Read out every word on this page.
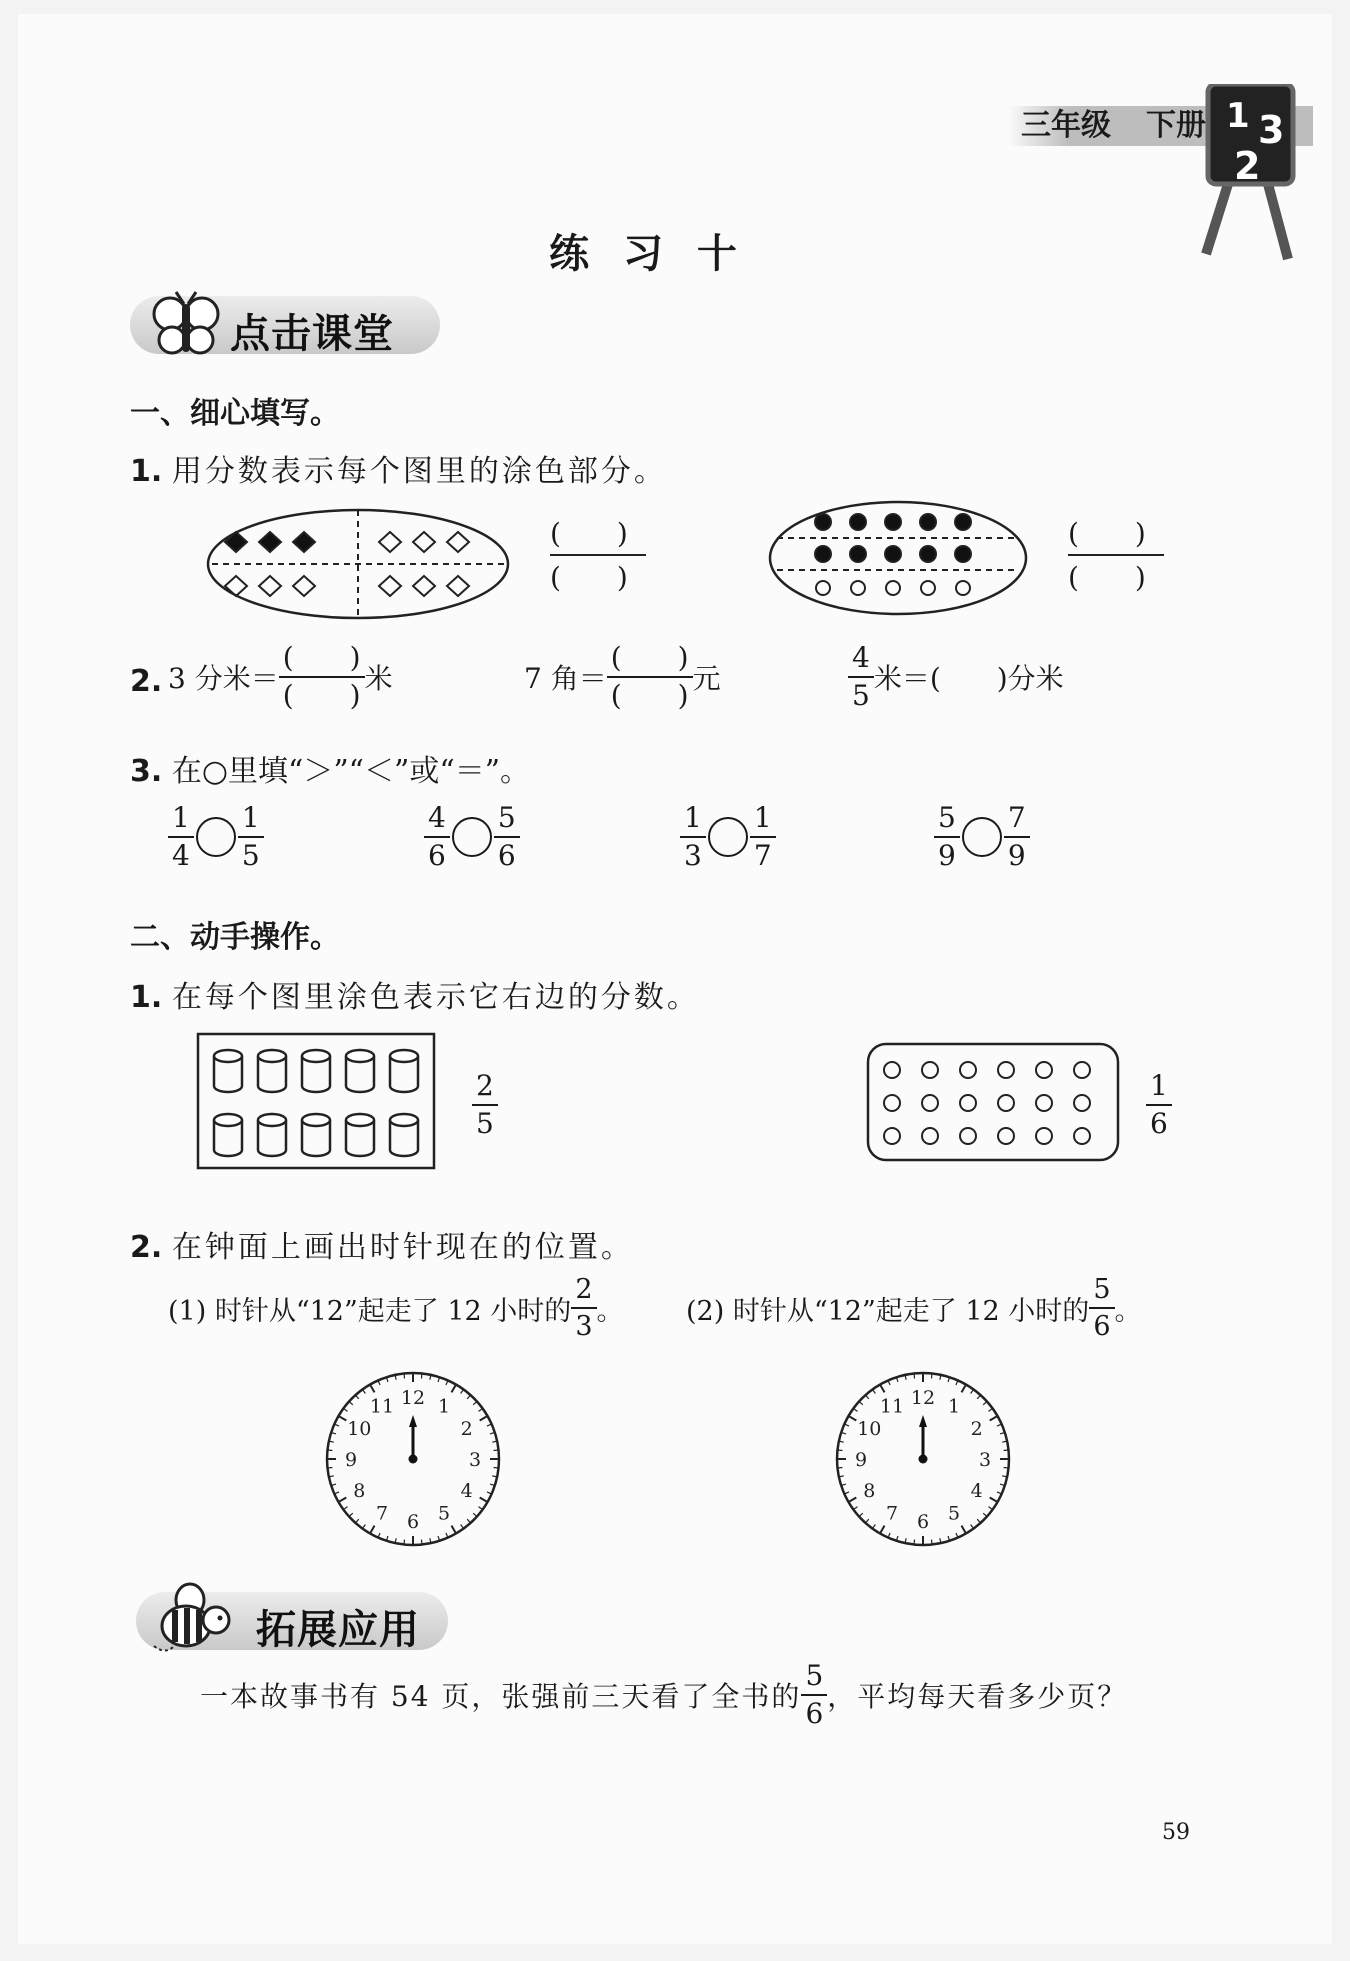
三年级 下册 1 3
2
练 习 十
点击课堂
一、细心填写。
1. 用分数表示每个图里的涂色部分。
(　　)
(　　)
(　　)
(　　)
2. 3 分米＝ $\frac{( )}{( )}$ 米	7 角＝ $\frac{( )}{( )}$ 元	$\frac{4}{5}$ 米＝(　　)分米
3. 在○里填“＞”“＜”或“＝”。
$\frac{1}{4} \frac{1}{5}$	$\frac{4}{6} \frac{5}{6}$	$\frac{1}{3} \frac{1}{7}$	$\frac{5}{9} \frac{7}{9}$
二、动手操作。
1. 在每个图里涂色表示它右边的分数。
$\frac{2}{5}$	$\frac{1}{6}$
2. 在钟面上画出时针现在的位置。
(1) 时针从“12”起走了 12 小时的 $\frac{2}{3}$ 。 (2) 时针从“12”起走了 12 小时的 $\frac{5}{6}$ 。
12 1
2
3
4
5
6
7
8
9
10
11	12 1
2
3
4
5
6
7
8
9
10
11
拓展应用
一本故事书有 54 页，张强前三天看了全书的 $\frac{5}{6}$ ，平均每天看多少页？
59
